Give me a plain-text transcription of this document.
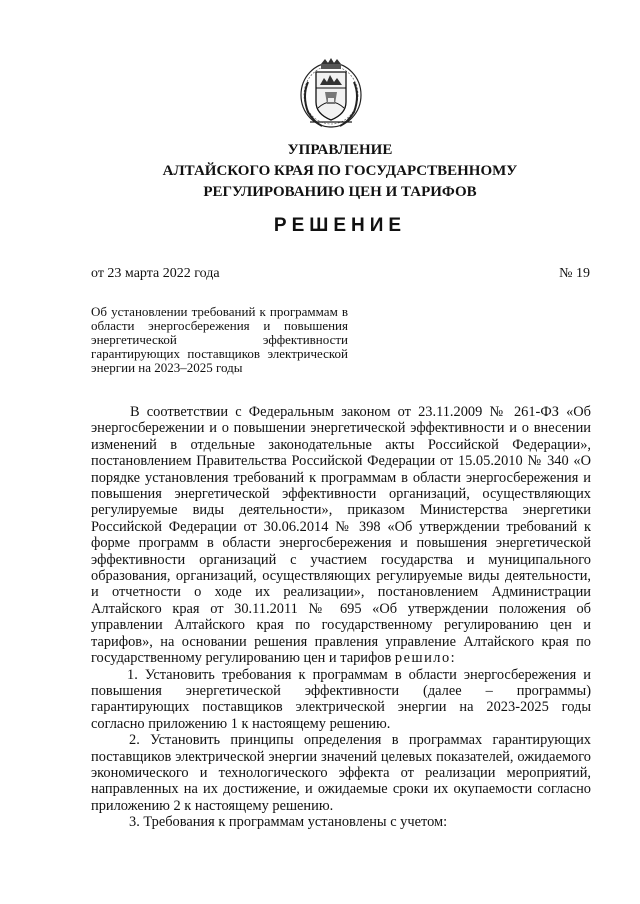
УПРАВЛЕНИЕ
АЛТАЙСКОГО КРАЯ ПО ГОСУДАРСТВЕННОМУ
РЕГУЛИРОВАНИЮ ЦЕН И ТАРИФОВ
РЕШЕНИЕ
от 23 марта 2022 года	№ 19
Об установлении требований к программам в области энергосбережения и повышения энергетической эффективности гарантирующих поставщиков электрической энергии на 2023–2025 годы

В соответствии с Федеральным законом от 23.11.2009 № 261-ФЗ «Об энергосбережении и о повышении энергетической эффективности и о внесении изменений в отдельные законодательные акты Российской Федерации», постановлением Правительства Российской Федерации от 15.05.2010 № 340 «О порядке установления требований к программам в области энергосбережения и повышения энергетической эффективности организаций, осуществляющих регулируемые виды деятельности», приказом Министерства энергетики Российской Федерации от 30.06.2014 № 398 «Об утверждении требований к форме программ в области энергосбережения и повышения энергетической эффективности организаций с участием государства и муниципального образования, организаций, осуществляющих регулируемые виды деятельности, и отчетности о ходе их реализации», постановлением Администрации Алтайского края от 30.11.2011 № 695 «Об утверждении положения об управлении Алтайского края по государственному регулированию цен и тарифов», на основании решения правления управление Алтайского края по государственному регулированию цен и тарифов решило:

1. Установить требования к программам в области энергосбережения и повышения энергетической эффективности (далее – программы) гарантирующих поставщиков электрической энергии на 2023-2025 годы согласно приложению 1 к настоящему решению.

2. Установить принципы определения в программах гарантирующих поставщиков электрической энергии значений целевых показателей, ожидаемого экономического и технологического эффекта от реализации мероприятий, направленных на их достижение, и ожидаемые сроки их окупаемости согласно приложению 2 к настоящему решению.

3. Требования к программам установлены с учетом:
